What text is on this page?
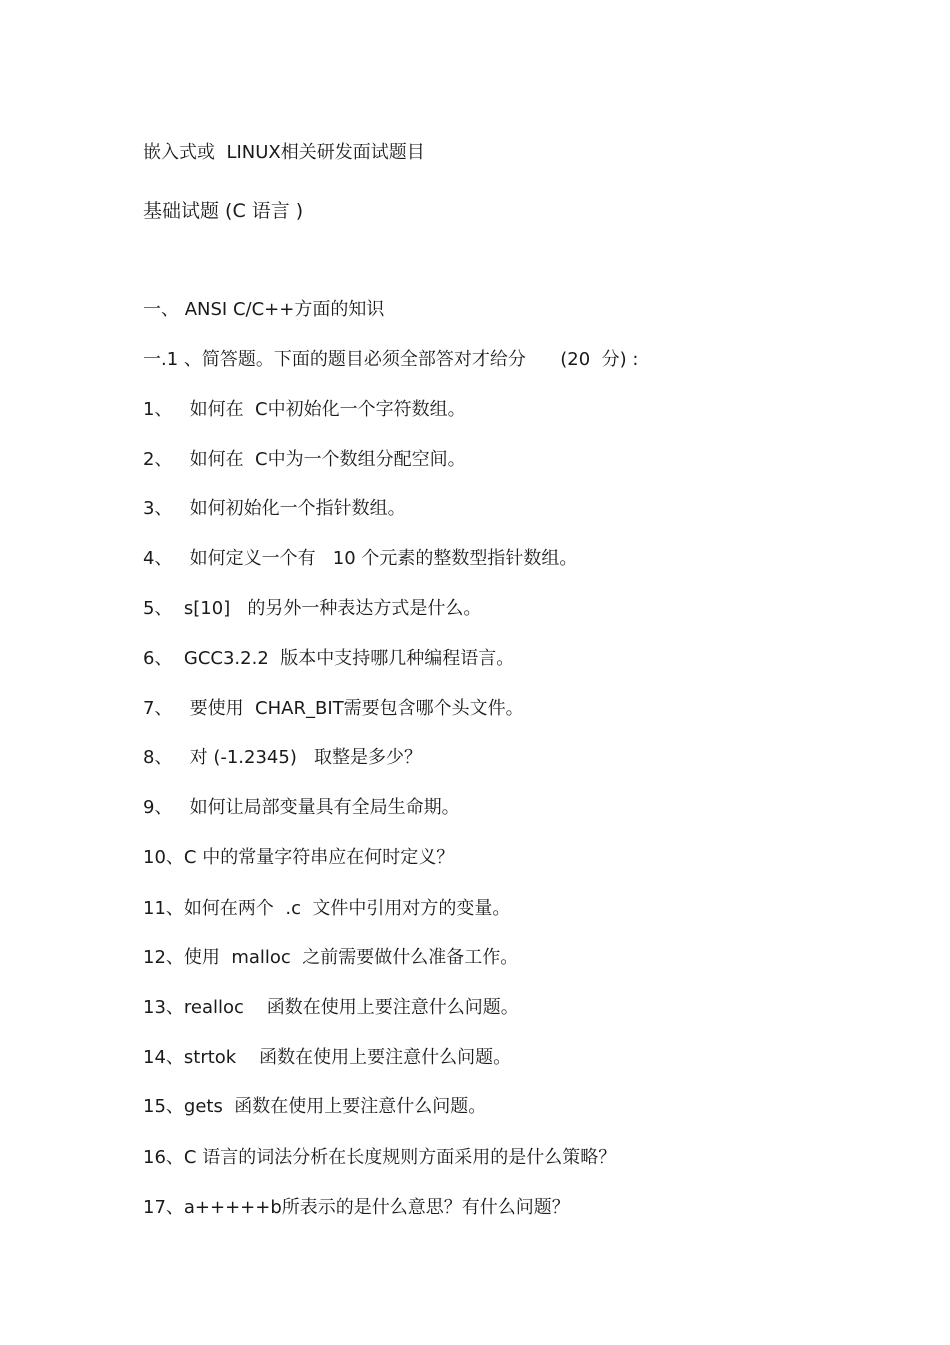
嵌入式或  LINUX相关研发面试题目
基础试题 (C 语言 )
一、 ANSI C/C++方面的知识
一.1 、简答题。下面的题目必须全部答对才给分      (20  分) :
1、   如何在  C中初始化一个字符数组。
2、   如何在  C中为一个数组分配空间。
3、   如何初始化一个指针数组。
4、   如何定义一个有   10 个元素的整数型指针数组。
5、  s[10]   的另外一种表达方式是什么。
6、  GCC3.2.2  版本中支持哪几种编程语言。
7、   要使用  CHAR_BIT需要包含哪个头文件。
8、   对 (-1.2345)   取整是多少？
9、   如何让局部变量具有全局生命期。
10、C 中的常量字符串应在何时定义？
11、如何在两个  .c  文件中引用对方的变量。
12、使用  malloc  之前需要做什么准备工作。
13、realloc    函数在使用上要注意什么问题。
14、strtok    函数在使用上要注意什么问题。
15、gets  函数在使用上要注意什么问题。
16、C 语言的词法分析在长度规则方面采用的是什么策略？
17、a+++++b所表示的是什么意思？有什么问题？
